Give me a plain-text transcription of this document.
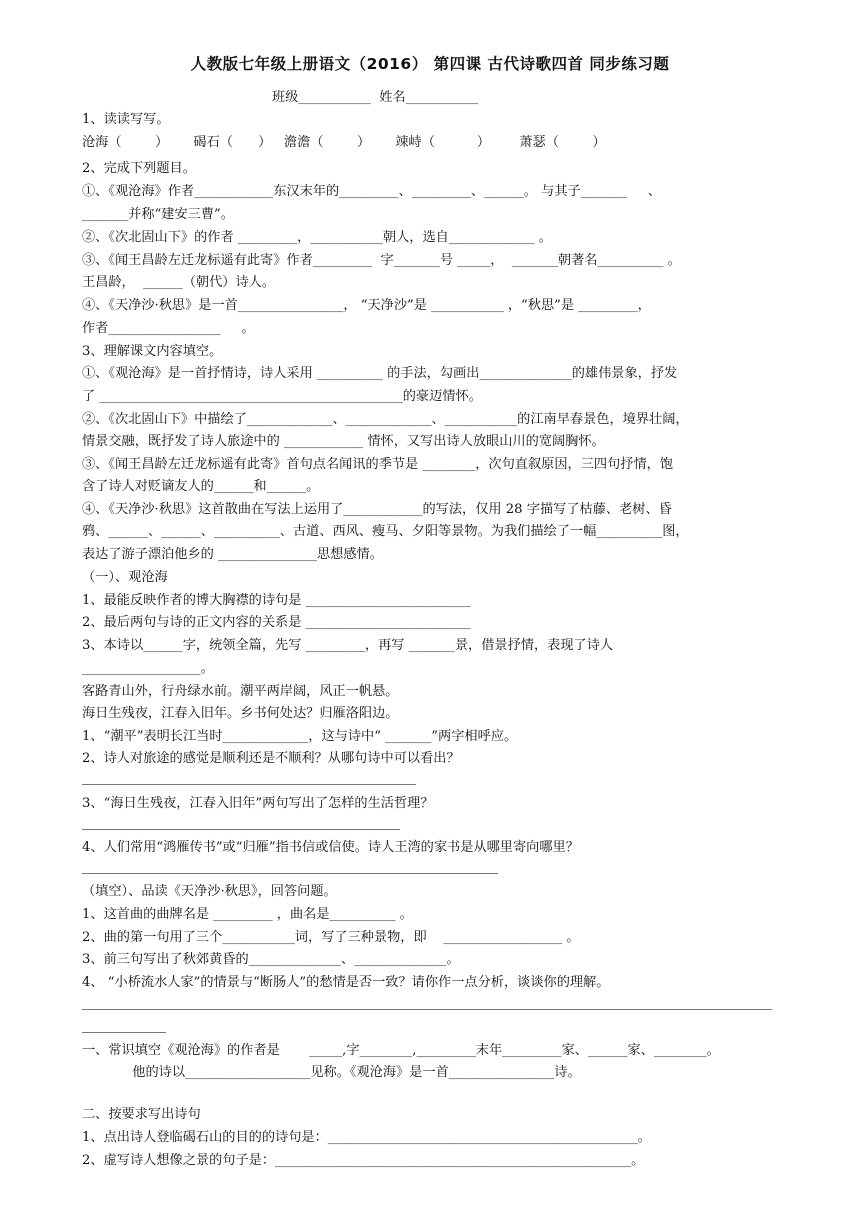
人教版七年级上册语文（2016） 第四课 古代诗歌四首 同步练习题
班级___________  姓名___________
1、读读写写。
沧海（        ）      碣石（      ）   澹澹（        ）      竦峙（          ）       萧瑟（        ）
2、完成下列题目。
①、《观沧海》作者____________东汉末年的_________、_________、______。 与其子_______     、
_______并称“建安三曹”。
②、《次北固山下》的作者 _________，___________朝人，选自_____________ 。
③、《闻王昌龄左迁龙标遥有此寄》作者_________  字_______号 _____，  _______朝著名__________ 。
王昌龄，  ______（朝代）诗人。
④、《天净沙·秋思》是一首________________， “天净沙”是 ___________ ，“秋思”是 _________，
作者_________________     。
3、理解课文内容填空。
①、《观沧海》是一首抒情诗，诗人采用 __________ 的手法，勾画出______________的雄伟景象，抒发
了 ______________________________________________的豪迈情怀。
②、《次北固山下》中描绘了_____________、_____________、___________的江南早春景色，境界壮阔，
情景交融，既抒发了诗人旅途中的 ____________ 情怀，又写出诗人放眼山川的宽阔胸怀。
③、《闻王昌龄左迁龙标遥有此寄》首句点名闻讯的季节是 ________，次句直叙原因，三四句抒情，饱
含了诗人对贬谪友人的______和______。
④、《天净沙·秋思》这首散曲在写法上运用了____________的写法，仅用 28 字描写了枯藤、老树、昏
鸦、______、______、__________、古道、西风、瘦马、夕阳等景物。为我们描绘了一幅__________图，
表达了游子漂泊他乡的 _______________思想感情。
（一）、观沧海
1、最能反映作者的博大胸襟的诗句是 _________________________
2、最后两句与诗的正文内容的关系是 _________________________
3、本诗以______字，统领全篇，先写 _________，再写 _______景，借景抒情，表现了诗人
__________________。
客路青山外，行舟绿水前。潮平两岸阔，风正一帆悬。
海日生残夜，江春入旧年。乡书何处达？归雁洛阳边。
1、“潮平”表明长江当时_____________，这与诗中“ _______”两字相呼应。
2、诗人对旅途的感觉是顺利还是不顺利？从哪句诗中可以看出？
3、“海日生残夜，江春入旧年”两句写出了怎样的生活哲理？
4、人们常用“鸿雁传书”或“归雁”指书信或信使。诗人王湾的家书是从哪里寄向哪里？
（填空）、品读《天净沙·秋思》，回答问题。
1、这首曲的曲牌名是 _________ ，曲名是__________ 。
2、曲的第一句用了三个___________词，写了三种景物，即    __________________ 。
3、前三句写出了秋郊黄昏的______________、______________。
4、 “小桥流水人家”的情景与“断肠人”的愁情是否一致？请你作一点分析，谈谈你的理解。
一、常识填空《观沧海》的作者是       _____,字________,_________末年_________家、______家、________。
他的诗以___________________见称。《观沧海》是一首________________诗。
二、按要求写出诗句
1、点出诗人登临碣石山的目的的诗句是：_______________________________________________。
2、虚写诗人想像之景的句子是：______________________________________________________。
